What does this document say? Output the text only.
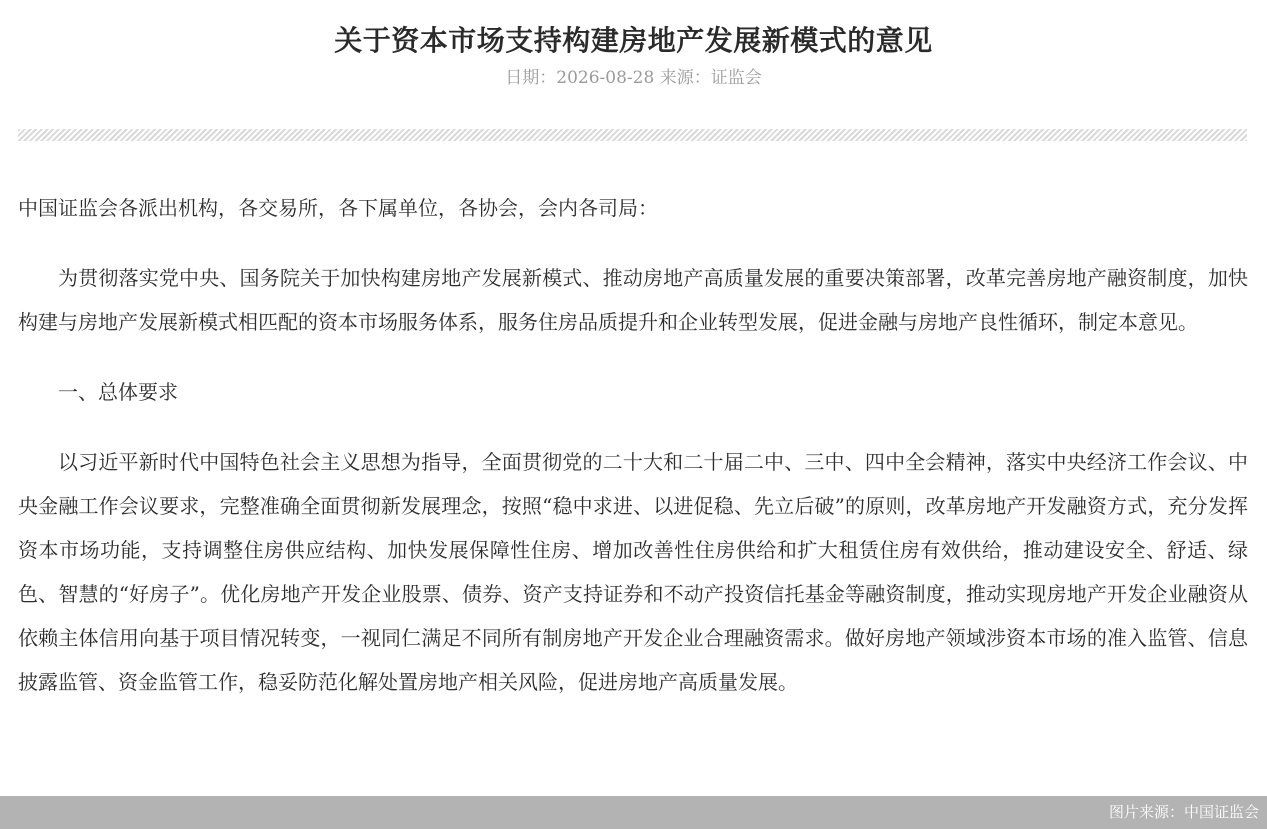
关于资本市场支持构建房地产发展新模式的意见
日期：2026-08-28 来源：证监会

中国证监会各派出机构，各交易所，各下属单位，各协会，会内各司局：

为贯彻落实党中央、国务院关于加快构建房地产发展新模式、推动房地产高质量发展的重要决策部署，改革完善房地产融资制度，加快构建与房地产发展新模式相匹配的资本市场服务体系，服务住房品质提升和企业转型发展，促进金融与房地产良性循环，制定本意见。

一、总体要求

以习近平新时代中国特色社会主义思想为指导，全面贯彻党的二十大和二十届二中、三中、四中全会精神，落实中央经济工作会议、中央金融工作会议要求，完整准确全面贯彻新发展理念，按照“稳中求进、以进促稳、先立后破”的原则，改革房地产开发融资方式，充分发挥资本市场功能，支持调整住房供应结构、加快发展保障性住房、增加改善性住房供给和扩大租赁住房有效供给，推动建设安全、舒适、绿色、智慧的“好房子”。优化房地产开发企业股票、债券、资产支持证券和不动产投资信托基金等融资制度，推动实现房地产开发企业融资从依赖主体信用向基于项目情况转变，一视同仁满足不同所有制房地产开发企业合理融资需求。做好房地产领域涉资本市场的准入监管、信息披露监管、资金监管工作，稳妥防范化解处置房地产相关风险，促进房地产高质量发展。

图片来源：中国证监会
